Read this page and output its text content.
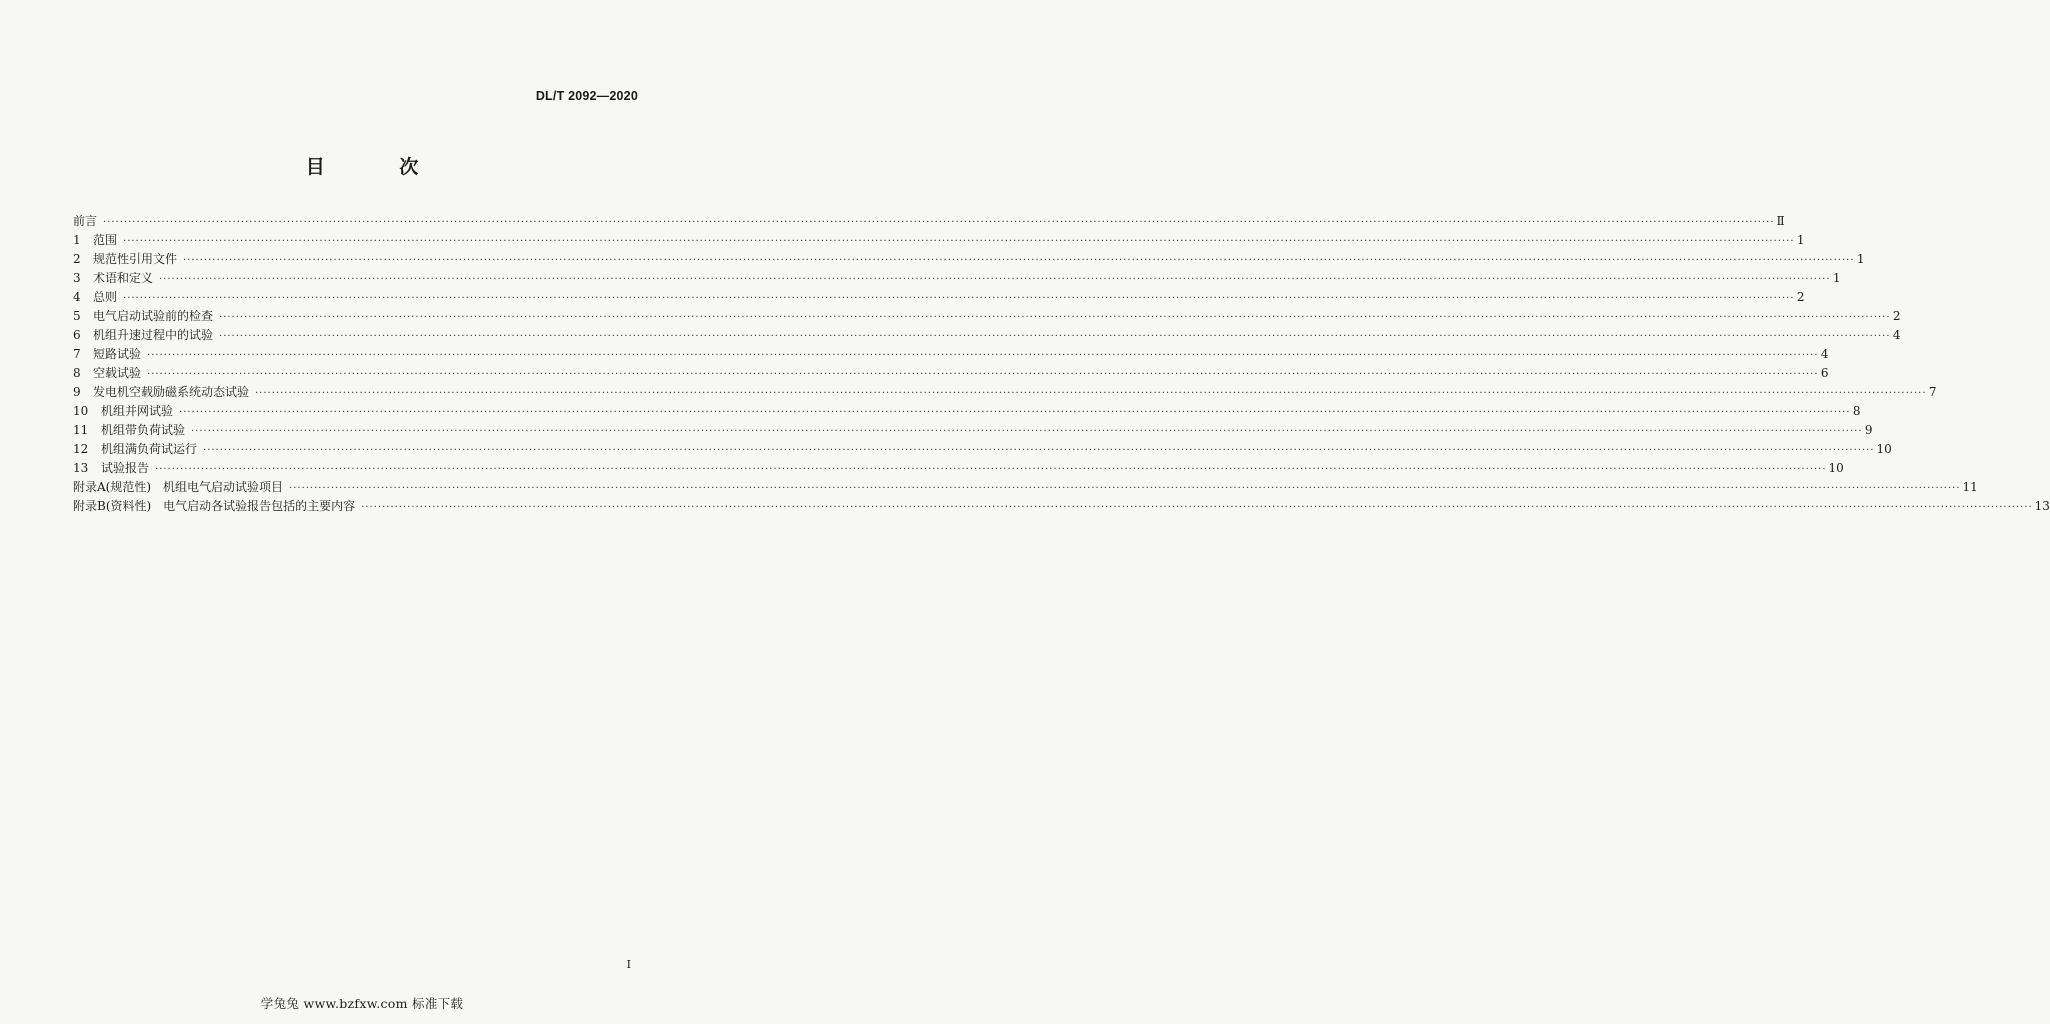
DL/T 2092—2020
目 次
前言 ················································································································································································································································································································································································································ Ⅱ
1	范围 ················································································································································································································································································································································································································ 1
2	规范性引用文件 ················································································································································································································································································································································································································ 1
3	术语和定义 ················································································································································································································································································································································································································ 1
4	总则 ················································································································································································································································································································································································································ 2
5	电气启动试验前的检查 ················································································································································································································································································································································································································ 2
6	机组升速过程中的试验 ················································································································································································································································································································································································································ 4
7	短路试验 ················································································································································································································································································································································································································ 4
8	空载试验 ················································································································································································································································································································································································································ 6
9	发电机空载励磁系统动态试验 ················································································································································································································································································································································································································ 7
10	机组并网试验 ················································································································································································································································································································································································································ 8
11	机组带负荷试验 ················································································································································································································································································································································································································ 9
12	机组满负荷试运行 ················································································································································································································································································································································································································ 10
13	试验报告 ················································································································································································································································································································································································································ 10
附录A(规范性)　机组电气启动试验项目 ················································································································································································································································································································································································································ 11
附录B(资料性)　电气启动各试验报告包括的主要内容 ················································································································································································································································································································································································································ 13
I
学兔兔 www.bzfxw.com 标准下载
